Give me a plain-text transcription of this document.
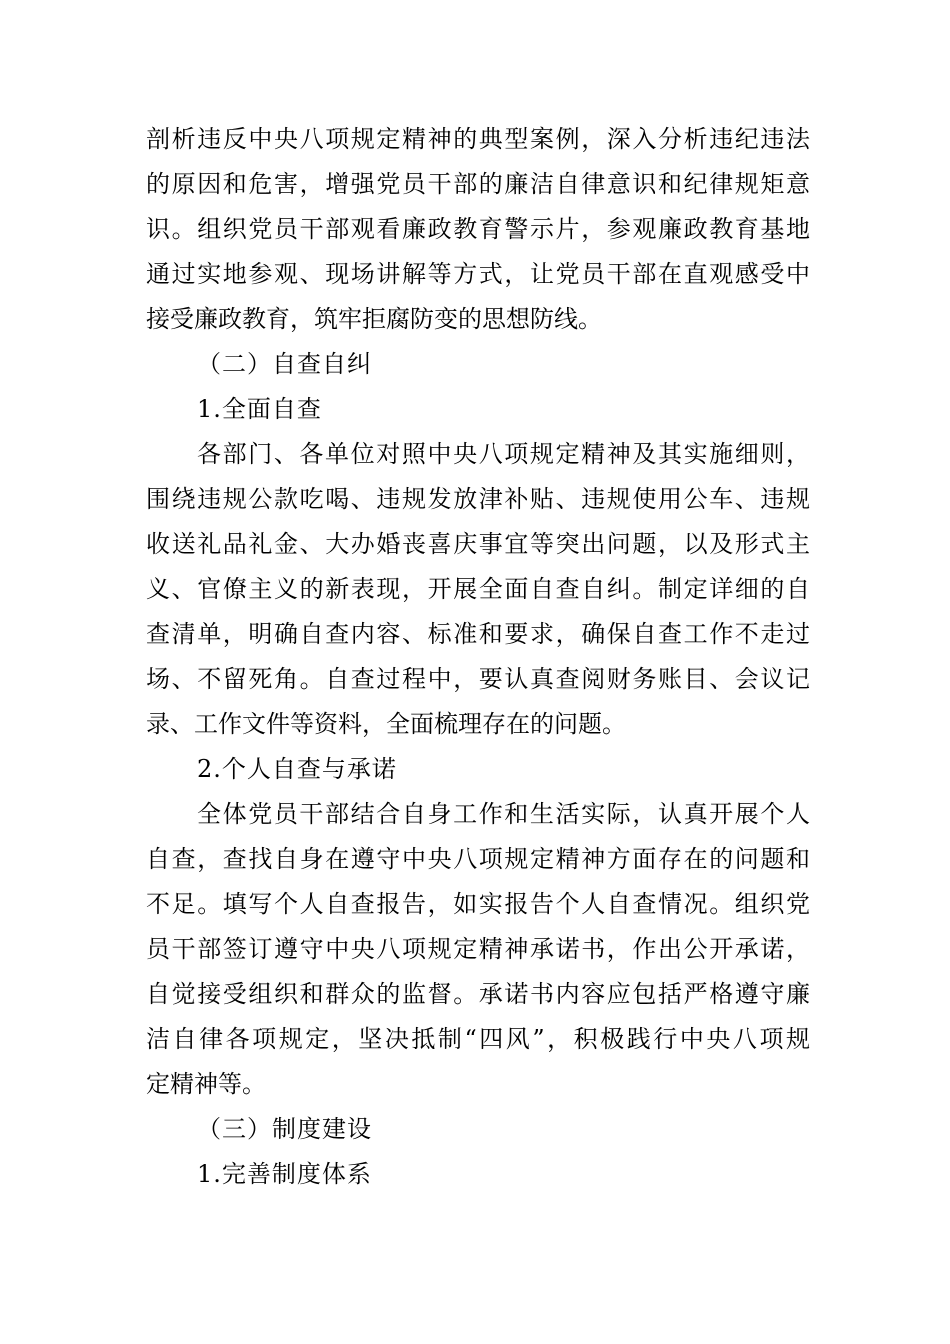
剖析违反中央八项规定精神的典型案例，深入分析违纪违法
的原因和危害，增强党员干部的廉洁自律意识和纪律规矩意
识。组织党员干部观看廉政教育警示片，参观廉政教育基地
通过实地参观、现场讲解等方式，让党员干部在直观感受中
接受廉政教育，筑牢拒腐防变的思想防线。
（二）自查自纠
1.全面自查
各部门、各单位对照中央八项规定精神及其实施细则，
围绕违规公款吃喝、违规发放津补贴、违规使用公车、违规
收送礼品礼金、大办婚丧喜庆事宜等突出问题，以及形式主
义、官僚主义的新表现，开展全面自查自纠。制定详细的自
查清单，明确自查内容、标准和要求，确保自查工作不走过
场、不留死角。自查过程中，要认真查阅财务账目、会议记
录、工作文件等资料，全面梳理存在的问题。
2.个人自查与承诺
全体党员干部结合自身工作和生活实际，认真开展个人
自查，查找自身在遵守中央八项规定精神方面存在的问题和
不足。填写个人自查报告，如实报告个人自查情况。组织党
员干部签订遵守中央八项规定精神承诺书，作出公开承诺，
自觉接受组织和群众的监督。承诺书内容应包括严格遵守廉
洁自律各项规定，坚决抵制“四风”，积极践行中央八项规
定精神等。
（三）制度建设
1.完善制度体系
